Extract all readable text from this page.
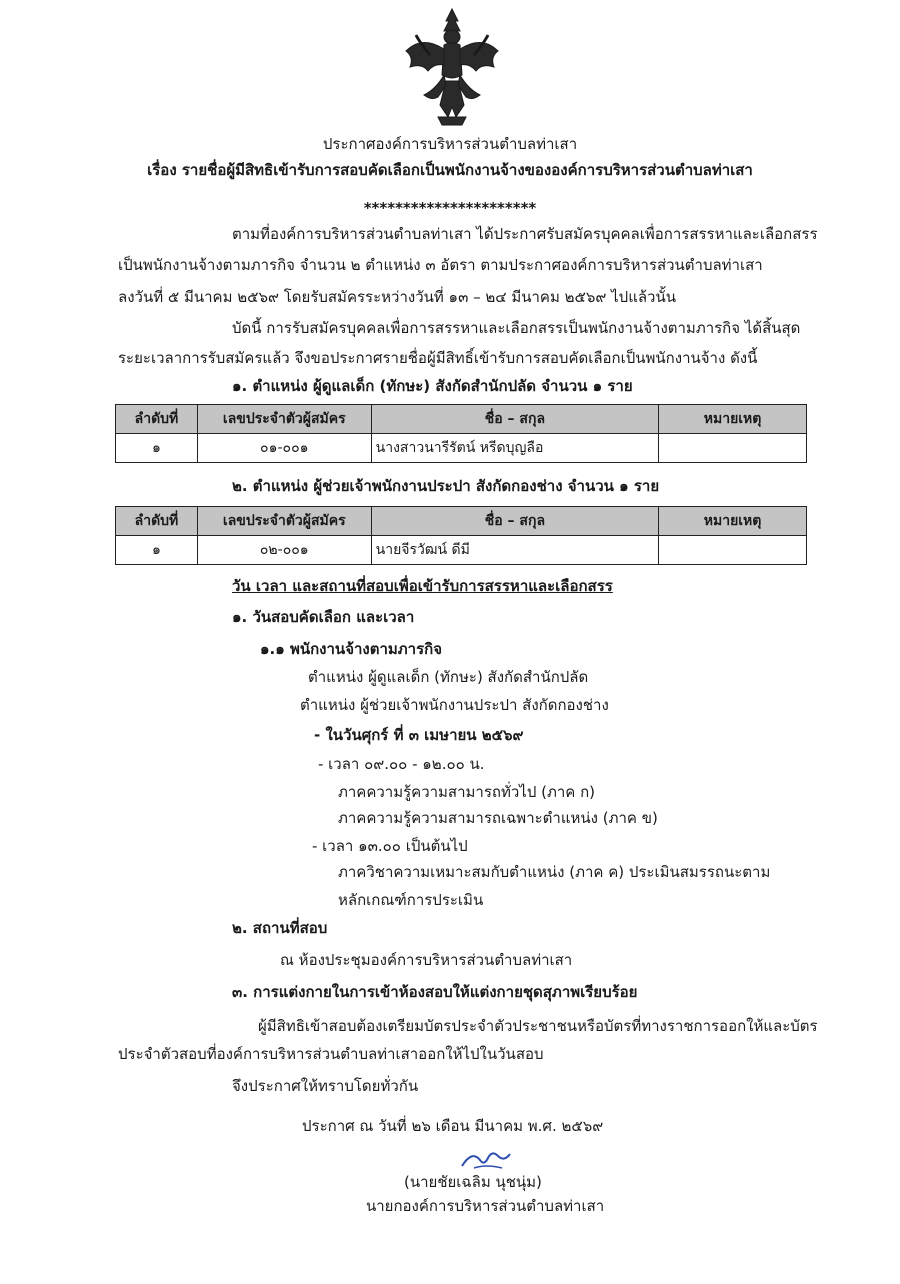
ประกาศองค์การบริหารส่วนตำบลท่าเสา
เรื่อง รายชื่อผู้มีสิทธิเข้ารับการสอบคัดเลือกเป็นพนักงานจ้างขององค์การบริหารส่วนตำบลท่าเสา
**********************
ตามที่องค์การบริหารส่วนตำบลท่าเสา ได้ประกาศรับสมัครบุคคลเพื่อการสรรหาและเลือกสรร
เป็นพนักงานจ้างตามภารกิจ จำนวน ๒ ตำแหน่ง ๓ อัตรา ตามประกาศองค์การบริหารส่วนตำบลท่าเสา
ลงวันที่ ๕ มีนาคม ๒๕๖๙ โดยรับสมัครระหว่างวันที่ ๑๓ – ๒๔ มีนาคม ๒๕๖๙ ไปแล้วนั้น
บัดนี้ การรับสมัครบุคคลเพื่อการสรรหาและเลือกสรรเป็นพนักงานจ้างตามภารกิจ ได้สิ้นสุด
ระยะเวลาการรับสมัครแล้ว จึงขอประกาศรายชื่อผู้มีสิทธิ์เข้ารับการสอบคัดเลือกเป็นพนักงานจ้าง ดังนี้
๑. ตำแหน่ง ผู้ดูแลเด็ก (ทักษะ) สังกัดสำนักปลัด จำนวน ๑ ราย
ลำดับที่	เลขประจำตัวผู้สมัคร	ชื่อ – สกุล	หมายเหตุ
๑	๐๑-๐๐๑	นางสาวนารีรัตน์ หรีดบุญลือ	
๒. ตำแหน่ง ผู้ช่วยเจ้าพนักงานประปา สังกัดกองช่าง จำนวน ๑ ราย
ลำดับที่	เลขประจำตัวผู้สมัคร	ชื่อ – สกุล	หมายเหตุ
๑	๐๒-๐๐๑	นายจีรวัฒน์ ดีมี	
วัน เวลา และสถานที่สอบเพื่อเข้ารับการสรรหาและเลือกสรร
๑. วันสอบคัดเลือก และเวลา
๑.๑ พนักงานจ้างตามภารกิจ
ตำแหน่ง ผู้ดูแลเด็ก (ทักษะ) สังกัดสำนักปลัด
ตำแหน่ง ผู้ช่วยเจ้าพนักงานประปา สังกัดกองช่าง
- ในวันศุกร์ ที่ ๓ เมษายน ๒๕๖๙
- เวลา ๐๙.๐๐ - ๑๒.๐๐ น.
ภาคความรู้ความสามารถทั่วไป (ภาค ก)
ภาคความรู้ความสามารถเฉพาะตำแหน่ง (ภาค ข)
- เวลา ๑๓.๐๐ เป็นต้นไป
ภาควิชาความเหมาะสมกับตำแหน่ง (ภาค ค) ประเมินสมรรถนะตาม
หลักเกณฑ์การประเมิน
๒. สถานที่สอบ
ณ ห้องประชุมองค์การบริหารส่วนตำบลท่าเสา
๓. การแต่งกายในการเข้าห้องสอบให้แต่งกายชุดสุภาพเรียบร้อย
ผู้มีสิทธิเข้าสอบต้องเตรียมบัตรประจำตัวประชาชนหรือบัตรที่ทางราชการออกให้และบัตร
ประจำตัวสอบที่องค์การบริหารส่วนตำบลท่าเสาออกให้ไปในวันสอบ
จึงประกาศให้ทราบโดยทั่วกัน
ประกาศ ณ วันที่ ๒๖ เดือน มีนาคม พ.ศ. ๒๕๖๙
(นายชัยเฉลิม นุชนุ่ม)
นายกองค์การบริหารส่วนตำบลท่าเสา
